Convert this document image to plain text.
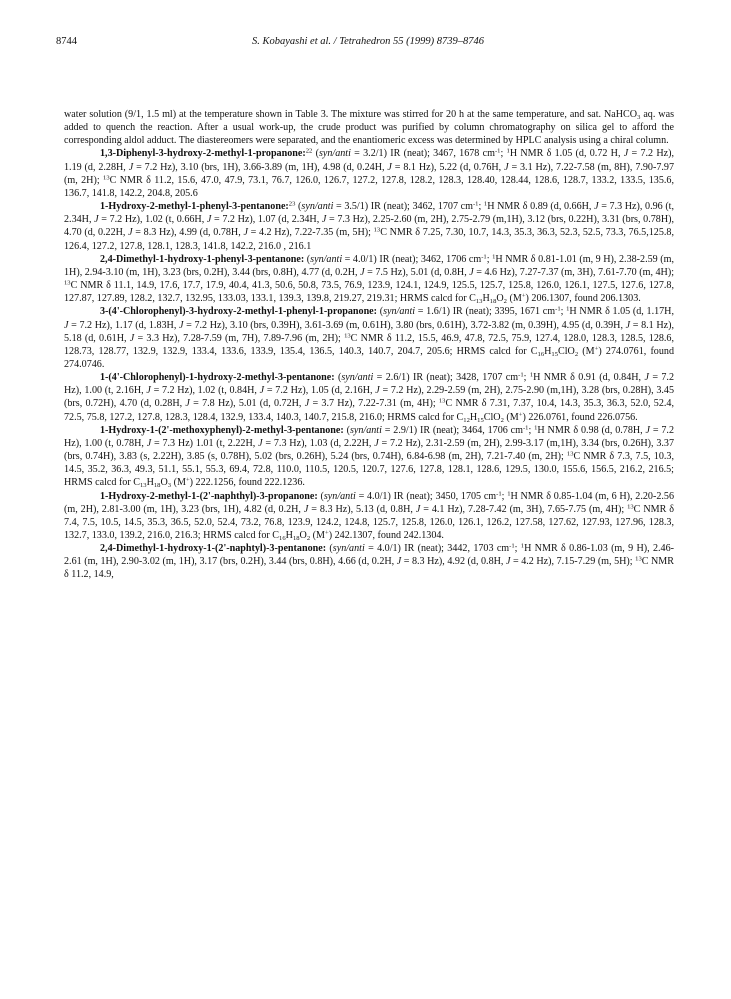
8744	S. Kobayashi et al. / Tetrahedron 55 (1999) 8739–8746

water solution (9/1, 1.5 ml) at the temperature shown in Table 3. The mixture was stirred for 20 h at the same temperature, and sat. NaHCO$_3$ aq. was added to quench the reaction. After a usual work-up, the crude product was purified by column chromatography on silica gel to afford the corresponding aldol adduct. The diastereomers were separated, and the enantiomeric excess was determined by HPLC analysis using a chiral column.

1,3-Diphenyl-3-hydroxy-2-methyl-1-propanone:$^{22}$ (syn/anti = 3.2/1) IR (neat); 3467, 1678 $cm^{-1}$; $^1$H NMR δ 1.05 (d, 0.72 H, J = 7.2 Hz), 1.19 (d, 2.28H, J = 7.2 Hz), 3.10 (brs, 1H), 3.66-3.89 (m, 1H), 4.98 (d, 0.24H, J = 8.1 Hz), 5.22 (d, 0.76H, J = 3.1 Hz), 7.22-7.58 (m, 8H), 7.90-7.97 (m, 2H); $^{13}$C NMR δ 11.2, 15.6, 47.0, 47.9, 73.1, 76.7, 126.0, 126.7, 127.2, 127.8, 128.2, 128.3, 128.40, 128.44, 128.6, 128.7, 133.2, 133.5, 135.6, 136.7, 141.8, 142.2, 204.8, 205.6

1-Hydroxy-2-methyl-1-phenyl-3-pentanone:$^{23}$ (syn/anti = 3.5/1) IR (neat); 3462, 1707 $cm^{-1}$; $^1$H NMR δ 0.89 (d, 0.66H, J = 7.3 Hz), 0.96 (t, 2.34H, J = 7.2 Hz), 1.02 (t, 0.66H, J = 7.2 Hz), 1.07 (d, 2.34H, J = 7.3 Hz), 2.25-2.60 (m, 2H), 2.75-2.79 (m,1H), 3.12 (brs, 0.22H), 3.31 (brs, 0.78H), 4.70 (d, 0.22H, J = 8.3 Hz), 4.99 (d, 0.78H, J = 4.2 Hz), 7.22-7.35 (m, 5H); $^{13}$C NMR δ 7.25, 7.30, 10.7, 14.3, 35.3, 36.3, 52.3, 52.5, 73.3, 76.5,125.8, 126.4, 127.2, 127.8, 128.1, 128.3, 141.8, 142.2, 216.0 , 216.1

2,4-Dimethyl-1-hydroxy-1-phenyl-3-pentanone: (syn/anti = 4.0/1) IR (neat); 3462, 1706 $cm^{-1}$; $^1$H NMR δ 0.81-1.01 (m, 9 H), 2.38-2.59 (m, 1H), 2.94-3.10 (m, 1H), 3.23 (brs, 0.2H), 3.44 (brs, 0.8H), 4.77 (d, 0.2H, J = 7.5 Hz), 5.01 (d, 0.8H, J = 4.6 Hz), 7.27-7.37 (m, 3H), 7.61-7.70 (m, 4H); $^{13}$C NMR δ 11.1, 14.9, 17.6, 17.7, 17.9, 40.4, 41.3, 50.6, 50.8, 73.5, 76.9, 123.9, 124.1, 124.9, 125.5, 125.7, 125.8, 126.0, 126.1, 127.5, 127.6, 127.8, 127.87, 127.89, 128.2, 132.7, 132.95, 133.03, 133.1, 139.3, 139.8, 219.27, 219.31; HRMS calcd for $C_{13}H_{18}O_2$ (M+) 206.1307, found 206.1303.

3-(4'-Chlorophenyl)-3-hydroxy-2-methyl-1-phenyl-1-propanone: (syn/anti = 1.6/1) IR (neat); 3395, 1671 $cm^{-1}$; $^1$H NMR δ 1.05 (d, 1.17H, J = 7.2 Hz), 1.17 (d, 1.83H, J = 7.2 Hz), 3.10 (brs, 0.39H), 3.61-3.69 (m, 0.61H), 3.80 (brs, 0.61H), 3.72-3.82 (m, 0.39H), 4.95 (d, 0.39H, J = 8.1 Hz), 5.18 (d, 0.61H, J = 3.3 Hz), 7.28-7.59 (m, 7H), 7.89-7.96 (m, 2H); $^{13}$C NMR δ 11.2, 15.5, 46.9, 47.8, 72.5, 75.9, 127.4, 128.0, 128.3, 128.5, 128.6, 128.73, 128.77, 132.9, 132.9, 133.4, 133.6, 133.9, 135.4, 136.5, 140.3, 140.7, 204.7, 205.6; HRMS calcd for $C_{16}H_{15}ClO_2$ (M+) 274.0761, found 274.0746.

1-(4'-Chlorophenyl)-1-hydroxy-2-methyl-3-pentanone: (syn/anti = 2.6/1) IR (neat); 3428, 1707 $cm^{-1}$; $^1$H NMR δ 0.91 (d, 0.84H, J = 7.2 Hz), 1.00 (t, 2.16H, J = 7.2 Hz), 1.02 (t, 0.84H, J = 7.2 Hz), 1.05 (d, 2.16H, J = 7.2 Hz), 2.29-2.59 (m, 2H), 2.75-2.90 (m,1H), 3.28 (brs, 0.28H), 3.45 (brs, 0.72H), 4.70 (d, 0.28H, J = 7.8 Hz), 5.01 (d, 0.72H, J = 3.7 Hz), 7.22-7.31 (m, 4H); $^{13}$C NMR δ 7.31, 7.37, 10.4, 14.3, 35.3, 36.3, 52.0, 52.4, 72.5, 75.8, 127.2, 127.8, 128.3, 128.4, 132.9, 133.4, 140.3, 140.7, 215.8, 216.0; HRMS calcd for $C_{12}H_{15}ClO_2$ (M+) 226.0761, found 226.0756.

1-Hydroxy-1-(2'-methoxyphenyl)-2-methyl-3-pentanone: (syn/anti = 2.9/1) IR (neat); 3464, 1706 $cm^{-1}$; $^1$H NMR δ 0.98 (d, 0.78H, J = 7.2 Hz), 1.00 (t, 0.78H, J = 7.3 Hz) 1.01 (t, 2.22H, J = 7.3 Hz), 1.03 (d, 2.22H, J = 7.2 Hz), 2.31-2.59 (m, 2H), 2.99-3.17 (m,1H), 3.34 (brs, 0.26H), 3.37 (brs, 0.74H), 3.83 (s, 2.22H), 3.85 (s, 0.78H), 5.02 (brs, 0.26H), 5.24 (brs, 0.74H), 6.84-6.98 (m, 2H), 7.21-7.40 (m, 2H); $^{13}$C NMR δ 7.3, 7.5, 10.3, 14.5, 35.2, 36.3, 49.3, 51.1, 55.1, 55.3, 69.4, 72.8, 110.0, 110.5, 120.5, 120.7, 127.6, 127.8, 128.1, 128.6, 129.5, 130.0, 155.6, 156.5, 216.2, 216.5; HRMS calcd for $C_{13}H_{18}O_3$ (M+) 222.1256, found 222.1236.

1-Hydroxy-2-methyl-1-(2'-naphthyl)-3-propanone: (syn/anti = 4.0/1) IR (neat); 3450, 1705 $cm^{-1}$; $^1$H NMR δ 0.85-1.04 (m, 6 H), 2.20-2.56 (m, 2H), 2.81-3.00 (m, 1H), 3.23 (brs, 1H), 4.82 (d, 0.2H, J = 8.3 Hz), 5.13 (d, 0.8H, J = 4.1 Hz), 7.28-7.42 (m, 3H), 7.65-7.75 (m, 4H); $^{13}$C NMR δ 7.4, 7.5, 10.5, 14.5, 35.3, 36.5, 52.0, 52.4, 73.2, 76.8, 123.9, 124.2, 124.8, 125.7, 125.8, 126.0, 126.1, 126.2, 127.58, 127.62, 127.93, 127.96, 128.3, 132.7, 133.0, 139.2, 216.0, 216.3; HRMS calcd for $C_{16}H_{18}O_2$ (M+) 242.1307, found 242.1304.

2,4-Dimethyl-1-hydroxy-1-(2'-naphtyl)-3-pentanone: (syn/anti = 4.0/1) IR (neat); 3442, 1703 $cm^{-1}$; $^1$H NMR δ 0.86-1.03 (m, 9 H), 2.46-2.61 (m, 1H), 2.90-3.02 (m, 1H), 3.17 (brs, 0.2H), 3.44 (brs, 0.8H), 4.66 (d, 0.2H, J = 8.3 Hz), 4.92 (d, 0.8H, J = 4.2 Hz), 7.15-7.29 (m, 5H); $^{13}$C NMR δ 11.2, 14.9,
